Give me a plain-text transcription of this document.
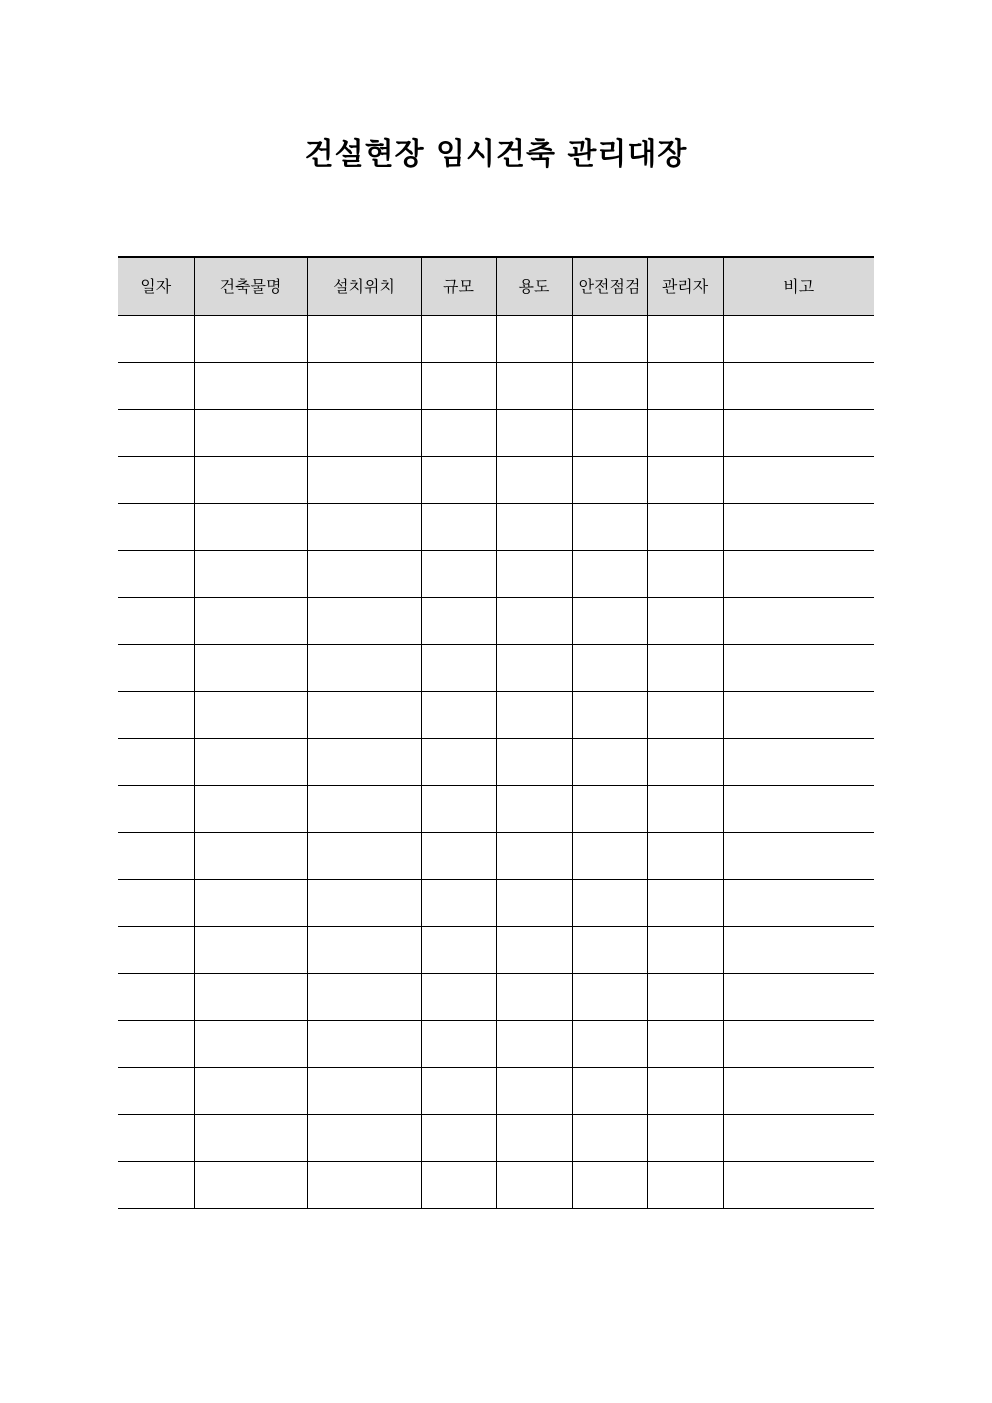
건설현장 임시건축 관리대장
일자	건축물명	설치위치	규모	용도	안전점검	관리자	비고
